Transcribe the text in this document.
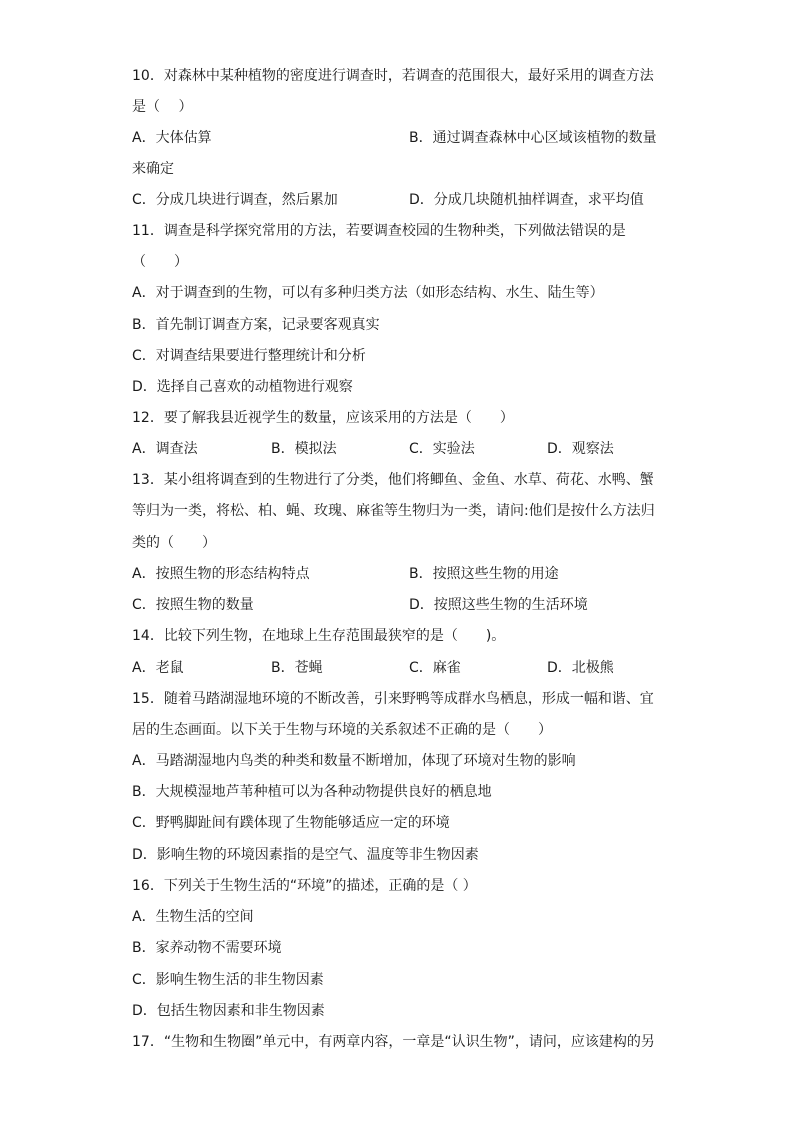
10．对森林中某种植物的密度进行调查时，若调查的范围很大，最好采用的调查方法
是（　 ）
A．大体估算	B．通过调查森林中心区域该植物的数量
来确定
C．分成几块进行调查，然后累加	D．分成几块随机抽样调查，求平均值
11．调查是科学探究常用的方法，若要调查校园的生物种类，下列做法错误的是
（　　）
A．对于调查到的生物，可以有多种归类方法（如形态结构、水生、陆生等）
B．首先制订调查方案，记录要客观真实
C．对调查结果要进行整理统计和分析
D．选择自己喜欢的动植物进行观察
12．要了解我县近视学生的数量，应该采用的方法是（　　）
A．调查法	B．模拟法	C．实验法	D．观察法
13．某小组将调查到的生物进行了分类，他们将鲫鱼、金鱼、水草、荷花、水鸭、蟹
等归为一类，将松、柏、蝇、玫瑰、麻雀等生物归为一类，请问:他们是按什么方法归
类的（　　）
A．按照生物的形态结构特点	B．按照这些生物的用途
C．按照生物的数量	D．按照这些生物的生活环境
14．比较下列生物，在地球上生存范围最狭窄的是（　　)。
A．老鼠	B．苍蝇	C．麻雀	D．北极熊
15．随着马踏湖湿地环境的不断改善，引来野鸭等成群水鸟栖息，形成一幅和谐、宜
居的生态画面。以下关于生物与环境的关系叙述不正确的是（　　）
A．马踏湖湿地内鸟类的种类和数量不断增加，体现了环境对生物的影响
B．大规模湿地芦苇种植可以为各种动物提供良好的栖息地
C．野鸭脚趾间有蹼体现了生物能够适应一定的环境
D．影响生物的环境因素指的是空气、温度等非生物因素
16．下列关于生物生活的“环境”的描述，正确的是（ ）
A．生物生活的空间
B．家养动物不需要环境
C．影响生物生活的非生物因素
D．包括生物因素和非生物因素
17．“生物和生物圈”单元中，有两章内容，一章是“认识生物”，请问，应该建构的另
